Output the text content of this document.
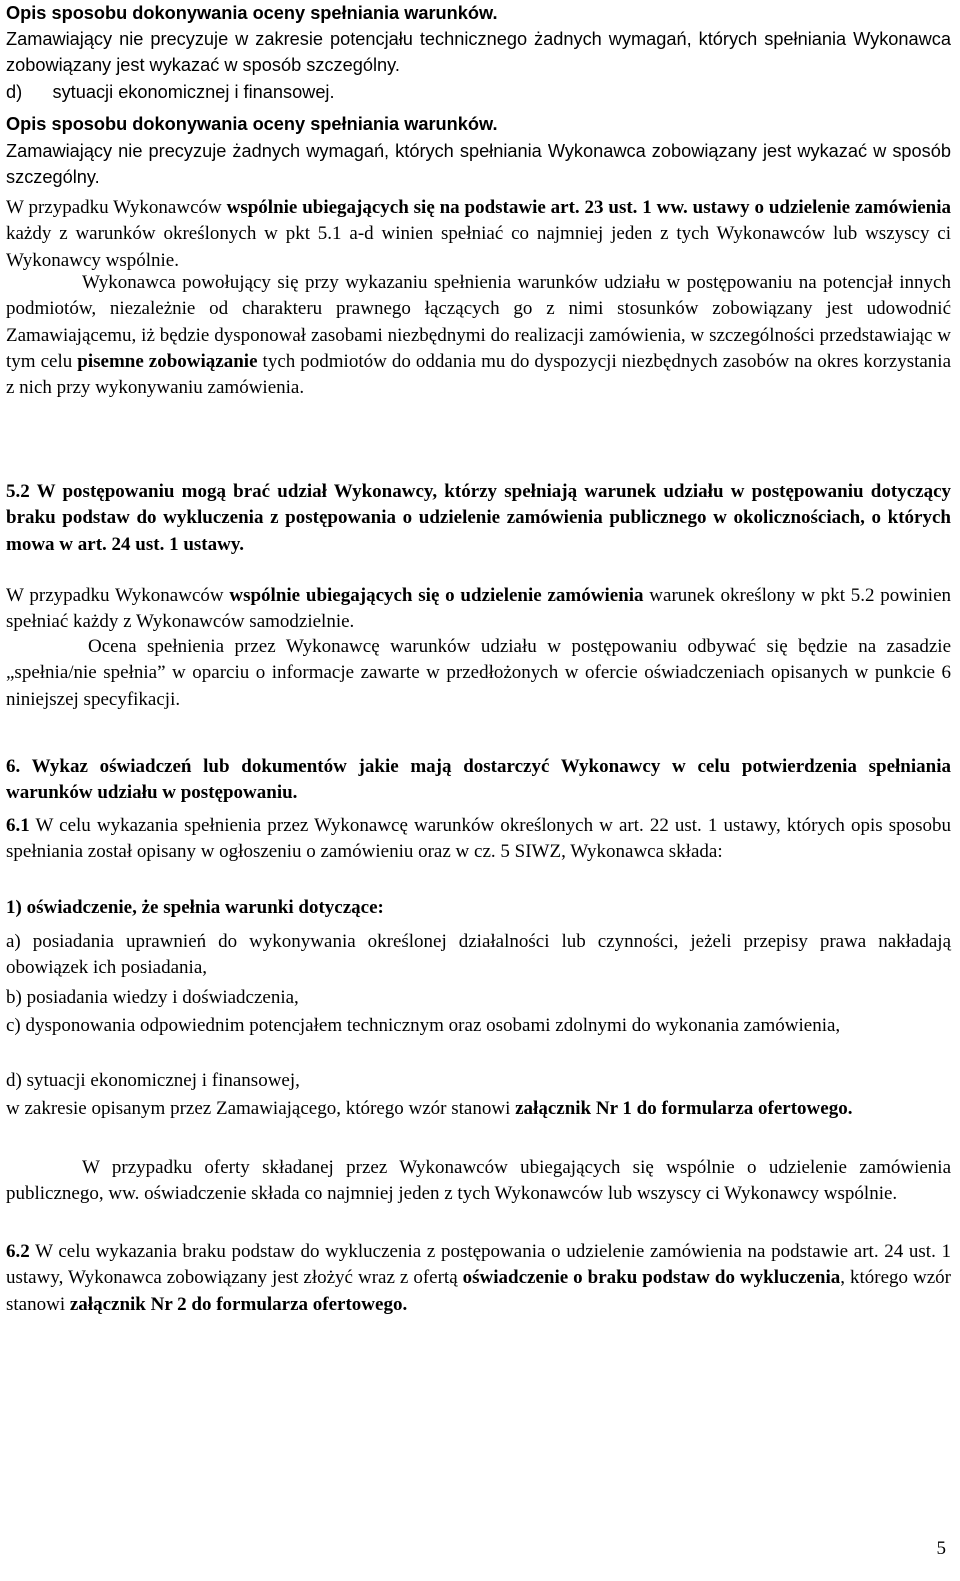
Opis sposobu dokonywania oceny spełniania warunków.

Zamawiający nie precyzuje w zakresie potencjału technicznego żadnych wymagań, których spełniania Wykonawca zobowiązany jest wykazać w sposób szczególny.

d)      sytuacji ekonomicznej i finansowej.

Opis sposobu dokonywania oceny spełniania warunków.

Zamawiający nie precyzuje żadnych wymagań, których spełniania Wykonawca zobowiązany jest wykazać w sposób szczególny.

W przypadku Wykonawców wspólnie ubiegających się na podstawie art. 23 ust. 1 ww. ustawy o udzielenie zamówienia każdy z warunków określonych w pkt 5.1 a-d winien spełniać co najmniej jeden z tych Wykonawców lub wszyscy ci Wykonawcy wspólnie.

Wykonawca powołujący się przy wykazaniu spełnienia warunków udziału w postępowaniu na potencjał innych podmiotów, niezależnie od charakteru prawnego łączących go z nimi stosunków zobowiązany jest udowodnić Zamawiającemu, iż będzie dysponował zasobami niezbędnymi do realizacji zamówienia, w szczególności przedstawiając w tym celu pisemne zobowiązanie tych podmiotów do oddania mu do dyspozycji niezbędnych zasobów na okres korzystania z nich przy wykonywaniu zamówienia.

5.2 W postępowaniu mogą brać udział Wykonawcy, którzy spełniają warunek udziału w postępowaniu dotyczący braku podstaw do wykluczenia z postępowania o udzielenie zamówienia publicznego w okolicznościach, o których mowa w art. 24 ust. 1 ustawy.

W przypadku Wykonawców wspólnie ubiegających się o udzielenie zamówienia warunek określony w pkt 5.2 powinien spełniać każdy z Wykonawców samodzielnie.

Ocena spełnienia przez Wykonawcę warunków udziału w postępowaniu odbywać się będzie na zasadzie „spełnia/nie spełnia” w oparciu o informacje zawarte w przedłożonych w ofercie oświadczeniach opisanych w punkcie 6 niniejszej specyfikacji.

6. Wykaz oświadczeń lub dokumentów jakie mają dostarczyć Wykonawcy w celu potwierdzenia spełniania warunków udziału w postępowaniu.

6.1 W celu wykazania spełnienia przez Wykonawcę warunków określonych w art. 22 ust. 1 ustawy, których opis sposobu spełniania został opisany w ogłoszeniu o zamówieniu oraz w cz. 5 SIWZ, Wykonawca składa:

1) oświadczenie, że spełnia warunki dotyczące:

a) posiadania uprawnień do wykonywania określonej działalności lub czynności, jeżeli przepisy prawa nakładają obowiązek ich posiadania,

b) posiadania wiedzy i doświadczenia,

c) dysponowania odpowiednim potencjałem technicznym oraz osobami zdolnymi do wykonania zamówienia,

d) sytuacji ekonomicznej i finansowej,

w zakresie opisanym przez Zamawiającego, którego wzór stanowi załącznik Nr 1 do formularza ofertowego.

W przypadku oferty składanej przez Wykonawców ubiegających się wspólnie o udzielenie zamówienia publicznego, ww. oświadczenie składa co najmniej jeden z tych Wykonawców lub wszyscy ci Wykonawcy wspólnie.

6.2 W celu wykazania braku podstaw do wykluczenia z postępowania o udzielenie zamówienia na podstawie art. 24 ust. 1 ustawy, Wykonawca zobowiązany jest złożyć wraz z ofertą oświadczenie o braku podstaw do wykluczenia, którego wzór stanowi załącznik Nr 2 do formularza ofertowego.

5
